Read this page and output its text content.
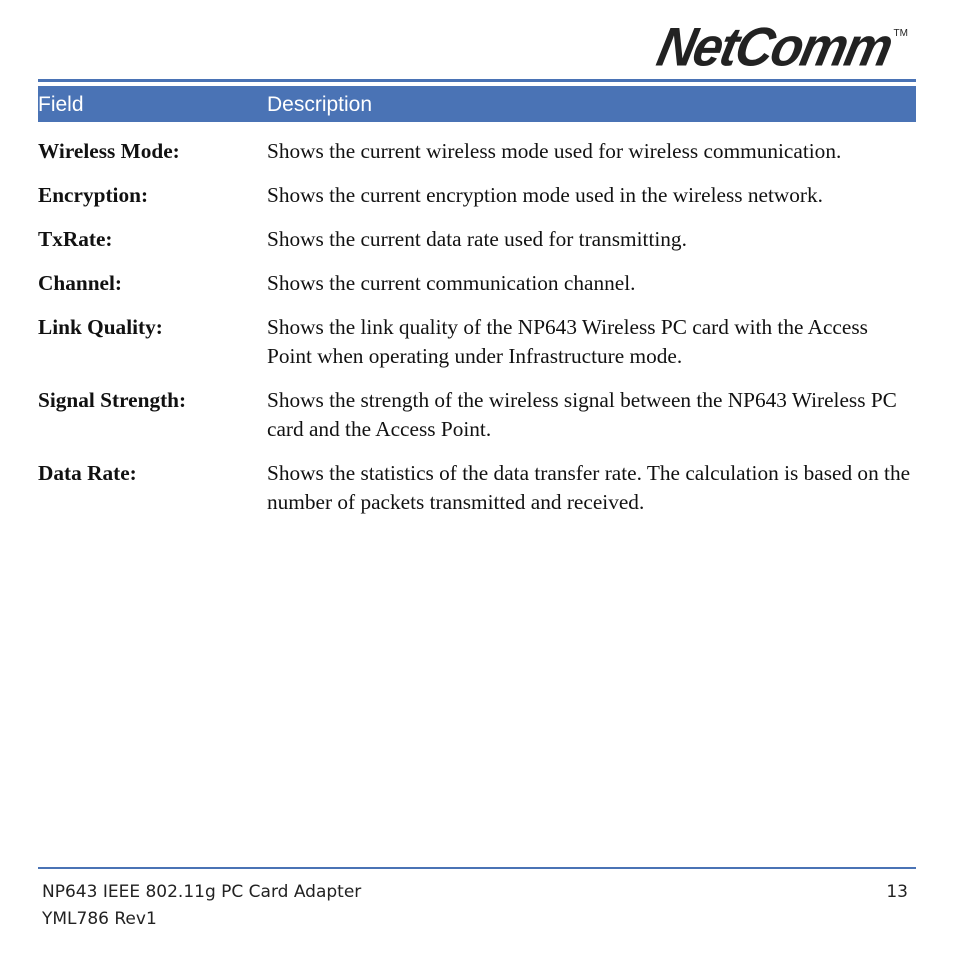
NetComm
TM
Field	Description
Wireless Mode:	Shows the current wireless mode used for wireless communication.
Encryption:	Shows the current encryption mode used in the wireless network.
TxRate:	Shows the current data rate used for transmitting.
Channel:	Shows the current communication channel.
Link Quality:	Shows the link quality of the NP643 Wireless PC card with the Access Point when operating under Infrastructure mode.
Signal Strength:	Shows the strength of the wireless signal between the NP643 Wireless PC card and the Access Point.
Data Rate:	Shows the statistics of the data transfer rate. The calculation is based on the number of packets transmitted and received.
NP643 IEEE 802.11g PC Card Adapter
YML786 Rev1
13
